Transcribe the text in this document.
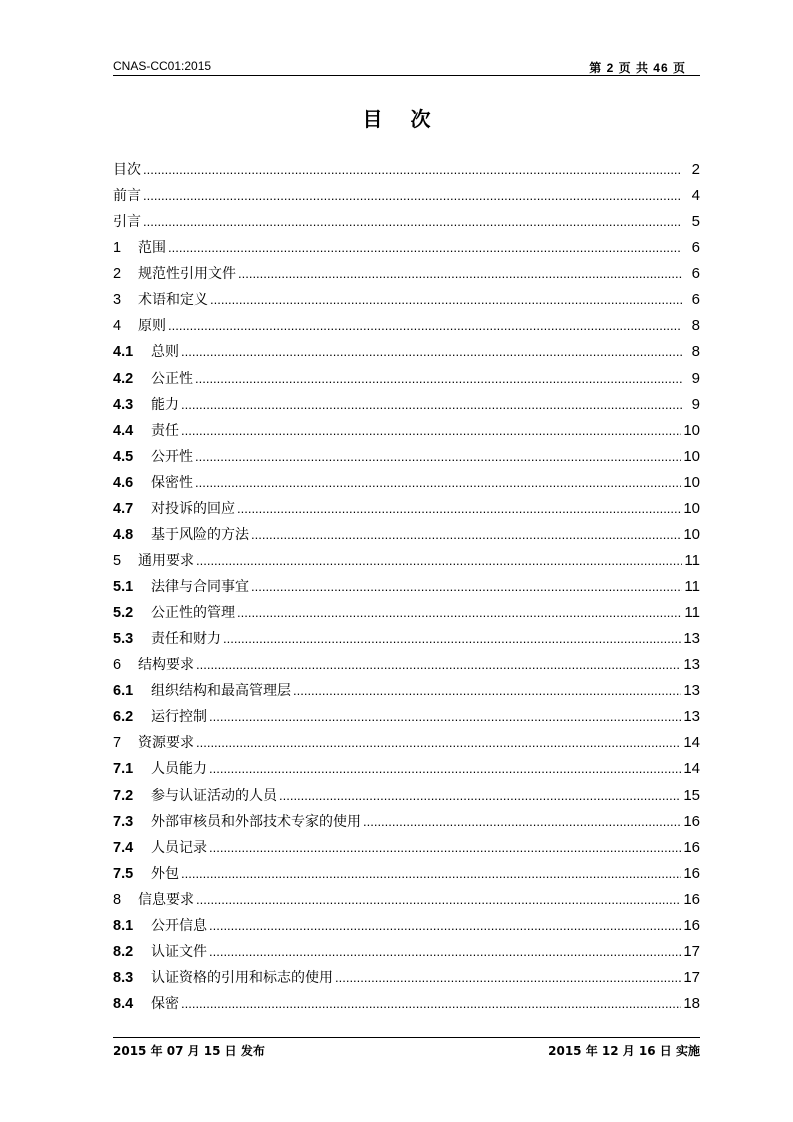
CNAS-CC01:2015	第 2 页 共 46 页
目次
目次 .....	2
前言 .....	4
引言 .....	5
1	范围 .....	6
2	规范性引用文件 .....	6
3	术语和定义 .....	6
4	原则 .....	8
4.1	总则 .....	8
4.2	公正性 .....	9
4.3	能力 .....	9
4.4	责任 .....	10
4.5	公开性 .....	10
4.6	保密性 .....	10
4.7	对投诉的回应 .....	10
4.8	基于风险的方法 .....	10
5	通用要求 .....	11
5.1	法律与合同事宜 .....	11
5.2	公正性的管理 .....	11
5.3	责任和财力 .....	13
6	结构要求 .....	13
6.1	组织结构和最高管理层 .....	13
6.2	运行控制 .....	13
7	资源要求 .....	14
7.1	人员能力 .....	14
7.2	参与认证活动的人员 .....	15
7.3	外部审核员和外部技术专家的使用 .....	16
7.4	人员记录 .....	16
7.5	外包 .....	16
8	信息要求 .....	16
8.1	公开信息 .....	16
8.2	认证文件 .....	17
8.3	认证资格的引用和标志的使用 .....	17
8.4	保密 .....	18
2015 年 07 月 15 日 发布	2015 年 12 月 16 日 实施
